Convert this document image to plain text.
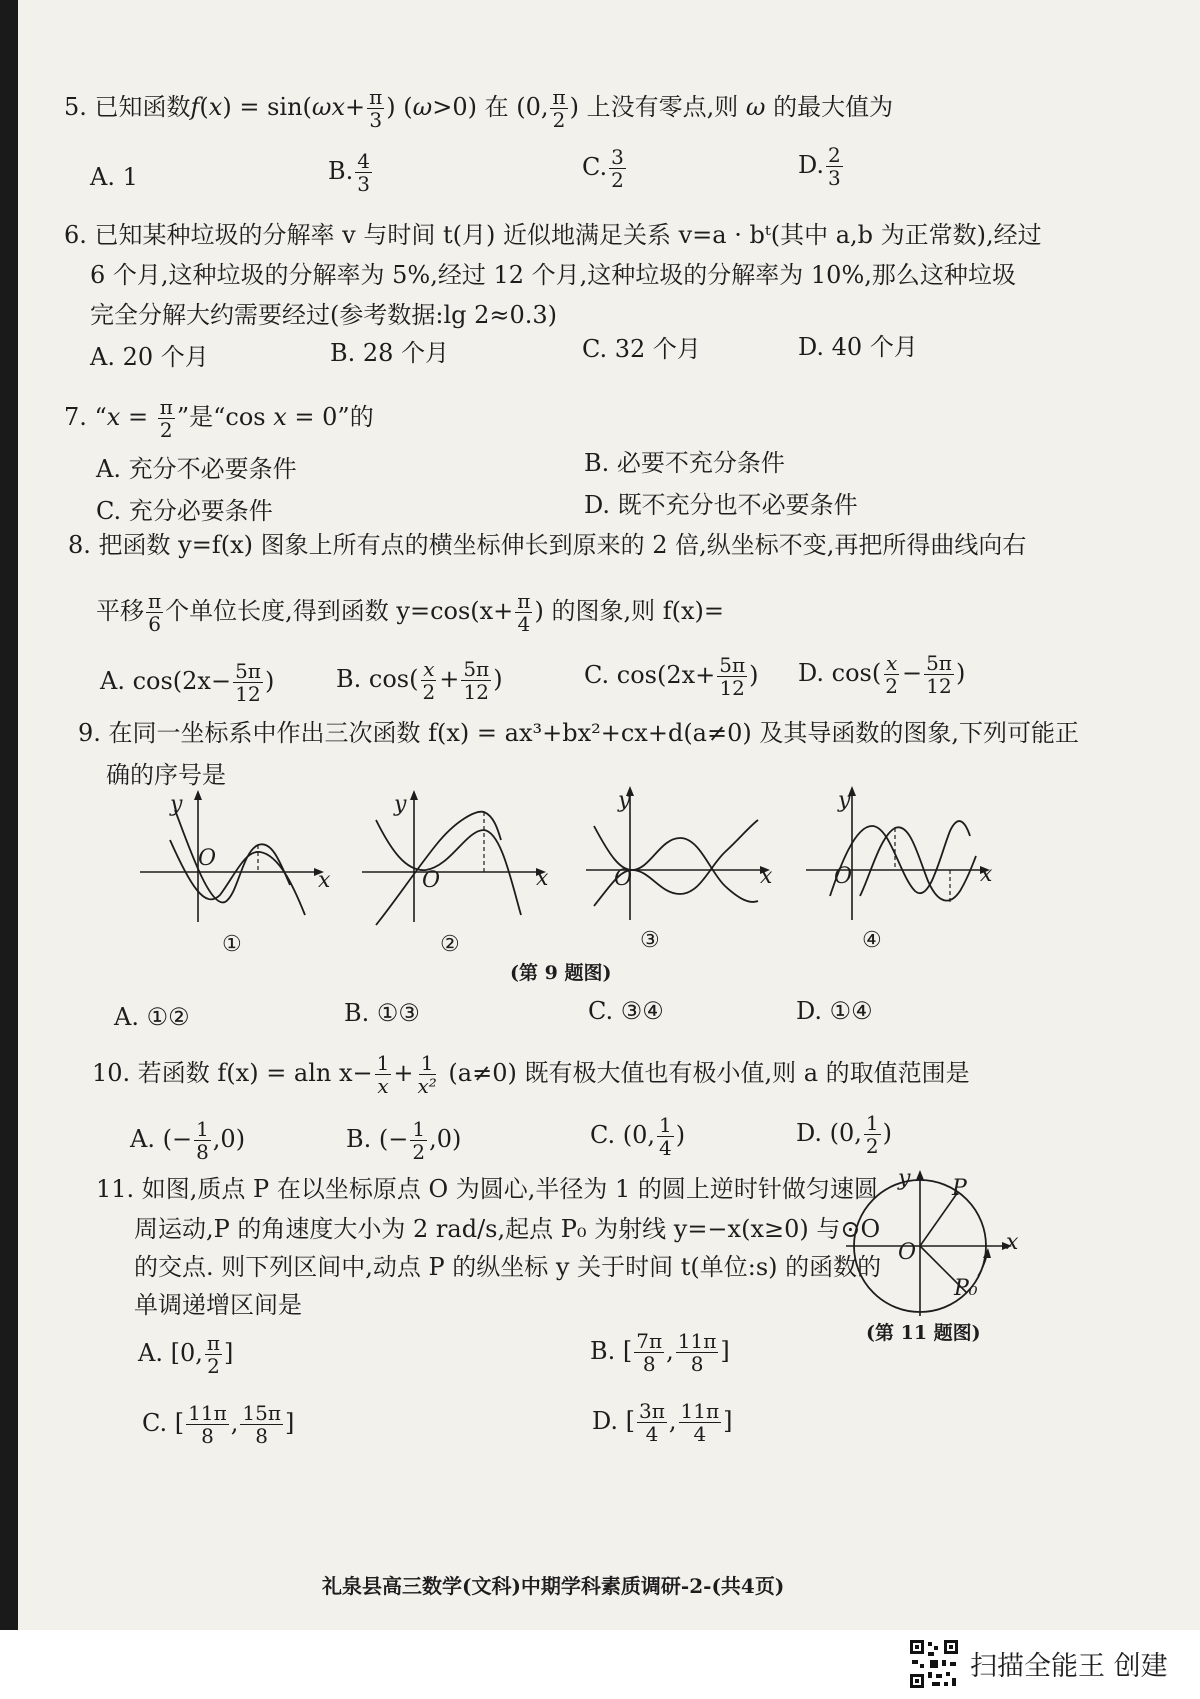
5. 已知函数$f(x) = \sin(\omega x+ \frac{\pi}{3}$ ) (ω>0) 在 (0, $\frac{\pi}{2}$ ) 上没有零点,则 ω 的最大值为
A. 1	B. $\frac{4}{3}$	C. $\frac{3}{2}$	D. $\frac{2}{3}$
6. 已知某种垃圾的分解率 v 与时间 t(月) 近似地满足关系 v=a · bᵗ(其中 a,b 为正常数),经过
6 个月,这种垃圾的分解率为 5%,经过 12 个月,这种垃圾的分解率为 10%,那么这种垃圾
完全分解大约需要经过(参考数据:lg 2≈0.3)
A. 20 个月	B. 28 个月	C. 32 个月	D. 40 个月
7. “$x = \frac{\pi}{2}$ ”是“cos x = 0”的
A. 充分不必要条件	B. 必要不充分条件
C. 充分必要条件	D. 既不充分也不必要条件
8. 把函数 y=f(x) 图象上所有点的横坐标伸长到原来的 2 倍,纵坐标不变,再把所得曲线向右
平移 $\frac{\pi}{6}$ 个单位长度,得到函数 $y=\cos(x+ \frac{\pi}{4}$ ) 的图象,则 f(x)=
A. $\cos(2x- \frac{5\pi}{12}$ )	B. $\cos( \frac{x}{2} + \frac{5\pi}{12}$ )	C. $\cos(2x+ \frac{5\pi}{12}$ ) D. $\cos( \frac{x}{2} - \frac{5\pi}{12}$ )
9. 在同一坐标系中作出三次函数 f(x) = ax³+bx²+cx+d(a≠0) 及其导函数的图象,下列可能正
确的序号是
y
x
O
①
y
x
O
②
y
x
O
③
y
x
O
④
(第 9 题图)
A. ①②	B. ①③	C. ③④	D. ①④
10. 若函数 f(x) = aln $x- \frac{1}{x} + \frac{1}{\text{x²}} (a\ne 0)$ 既有极大值也有极小值,则 a 的取值范围是
A. (− $\frac{1}{8} ,0$)	B. (− $\frac{1}{2} ,0$)	C. (0, $\frac{1}{4}$ )	D. (0, $\frac{1}{2}$ )
11. 如图,质点 P 在以坐标原点 O 为圆心,半径为 1 的圆上逆时针做匀速圆
周运动,P 的角速度大小为 2 rad/s,起点 P₀ 为射线 y=−x(x≥0) 与⊙O
的交点. 则下列区间中,动点 P 的纵坐标 y 关于时间 t(单位:s) 的函数的
单调递增区间是
y
x
O
P
P₀
(第 11 题图)
A. [0, $\frac{\pi}{2}$ ]	B. [ $\frac{7\pi}{8}$ , $\frac{11\pi}{8}$ ]
C. [ $\frac{11\pi}{8}$ , $\frac{15\pi}{8}$ ]	D. [ $\frac{3\pi}{4}$ , $\frac{11\pi}{4}$ ]
礼泉县高三数学(文科)中期学科素质调研-2-(共4页)
扫描全能王 创建
